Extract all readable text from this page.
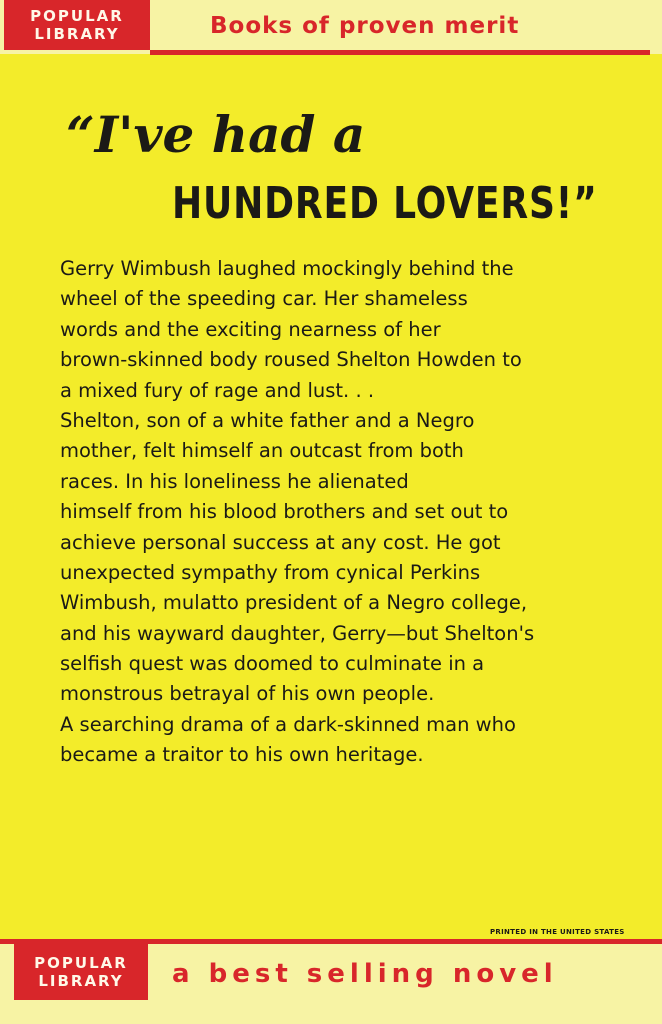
POPULAR
LIBRARY	Books of proven merit
“I've had a
HUNDRED LOVERS!”
Gerry Wimbush laughed mockingly behind the
wheel of the speeding car. Her shameless
words and the exciting nearness of her
brown-skinned body roused Shelton Howden to
a mixed fury of rage and lust. . .
Shelton, son of a white father and a Negro
mother, felt himself an outcast from both
races. In his loneliness he alienated
himself from his blood brothers and set out to
achieve personal success at any cost. He got
unexpected sympathy from cynical Perkins
Wimbush, mulatto president of a Negro college,
and his wayward daughter, Gerry—but Shelton's
selfish quest was doomed to culminate in a
monstrous betrayal of his own people.
A searching drama of a dark-skinned man who
became a traitor to his own heritage.
PRINTED IN THE UNITED STATES
POPULAR
LIBRARY a best selling novel
